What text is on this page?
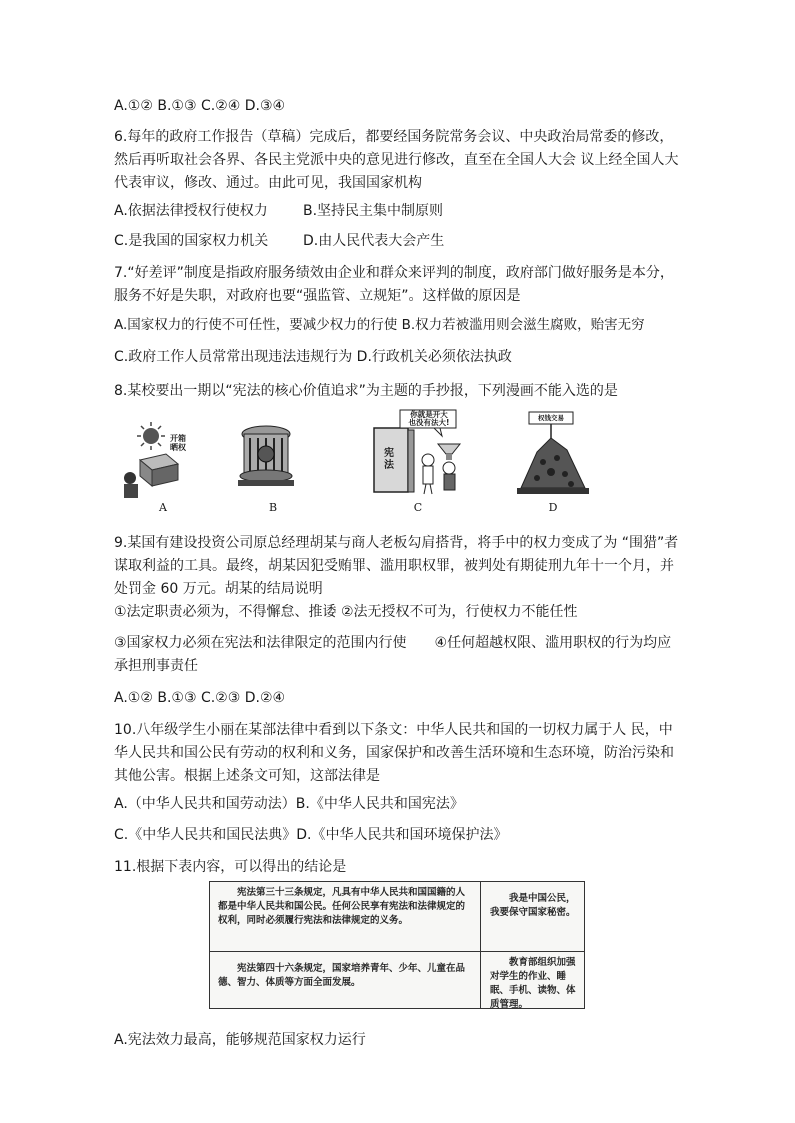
A.①② B.①③ C.②④ D.③④
6.每年的政府工作报告（草稿）完成后，都要经国务院常务会议、中央政治局常委的修改，然后再听取社会各界、各民主党派中央的意见进行修改，直至在全国人大会 议上经全国人大代表审议，修改、通过。由此可见，我国国家机构
A.依据法律授权行使权力	B.坚持民主集中制原则
C.是我国的国家权力机关 D.由人民代表大会产生
7.“好差评”制度是指政府服务绩效由企业和群众来评判的制度，政府部门做好服务是本分，服务不好是失职，对政府也要“强监管、立规矩”。这样做的原因是
A.国家权力的行使不可任性，要减少权力的行使 B.权力若被滥用则会滋生腐败，贻害无穷
C.政府工作人员常常出现违法违规行为 D.行政机关必须依法执政
8.某校要出一期以“宪法的核心价值追求”为主题的手抄报，下列漫画不能入选的是
开箱
晒权
A	B
你就是开大
也没有法大!
宪
法
C
权钱交易
D
9.某国有建设投资公司原总经理胡某与商人老板勾肩搭背，将手中的权力变成了为 “围猎”者谋取利益的工具。最终，胡某因犯受贿罪、滥用职权罪，被判处有期徒刑九年十一个月，并处罚金 60 万元。胡某的结局说明
①法定职责必须为，不得懈怠、推诿 ②法无授权不可为，行使权力不能任性
③国家权力必须在宪法和法律限定的范围内行使　　④任何超越权限、滥用职权的行为均应承担刑事责任
A.①② B.①③ C.②③ D.②④
10.八年级学生小丽在某部法律中看到以下条文：中华人民共和国的一切权力属于人 民，中华人民共和国公民有劳动的权利和义务，国家保护和改善生活环境和生态环境，防治污染和其他公害。根据上述条文可知，这部法律是
A.（中华人民共和国劳动法）B.《中华人民共和国宪法》
C.《中华人民共和国民法典》D.《中华人民共和国环境保护法》
11.根据下表内容，可以得出的结论是
宪法第三十三条规定，凡具有中华人民共和国国籍的人都是中华人民共和国公民。任何公民享有宪法和法律规定的权利，同时必须履行宪法和法律规定的义务。
我是中国公民，我要保守国家秘密。
宪法第四十六条规定，国家培养青年、少年、儿童在品德、智力、体质等方面全面发展。
教育部组织加强对学生的作业、睡眠、手机、读物、体质管理。
A.宪法效力最高，能够规范国家权力运行
